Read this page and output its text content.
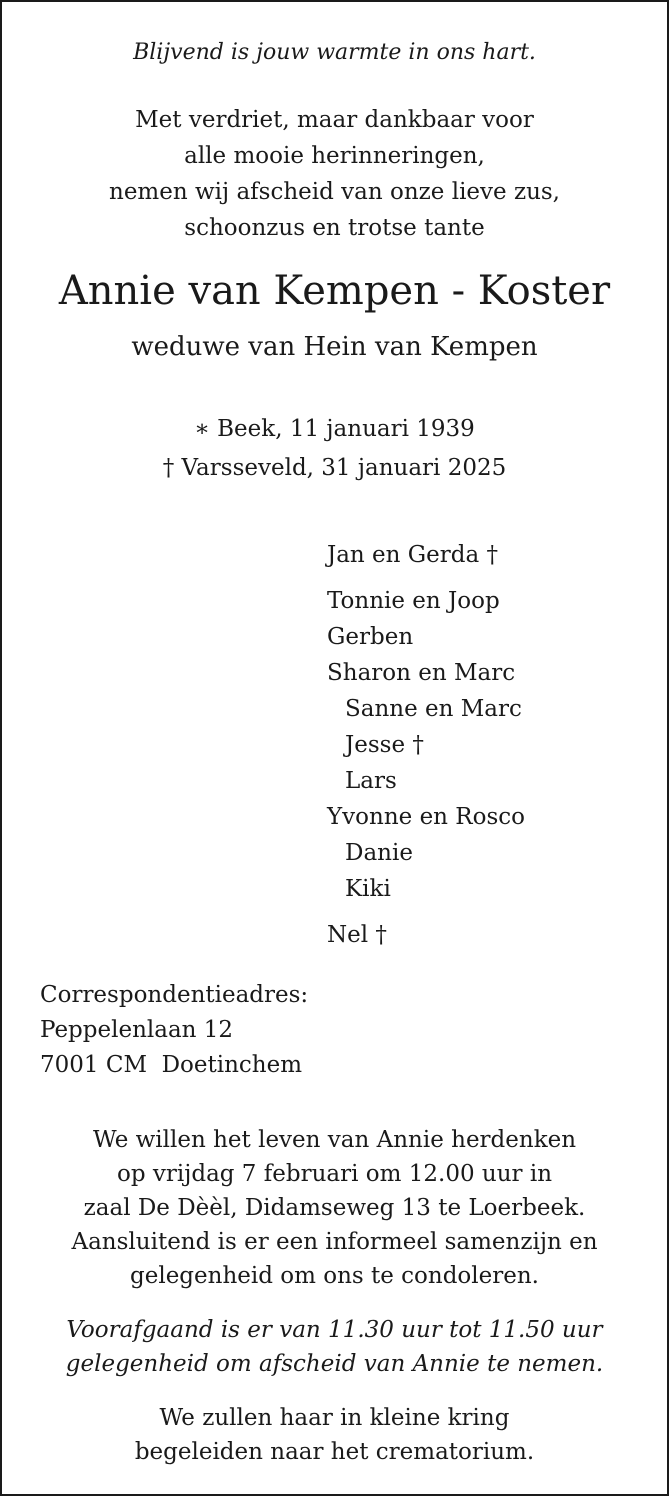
Blijvend is jouw warmte in ons hart.

Met verdriet, maar dankbaar voor
alle mooie herinneringen,
nemen wij afscheid van onze lieve zus,
schoonzus en trotse tante
Annie van Kempen - Koster

weduwe van Hein van Kempen

∗ Beek, 11 januari 1939

† Varsseveld, 31 januari 2025

Jan en Gerda †
Tonnie en Joop
Gerben
Sharon en Marc
Sanne en Marc
Jesse †
Lars
Yvonne en Rosco
Danie
Kiki
Nel †
Correspondentieadres:
Peppelenlaan 12
7001 CM  Doetinchem
We willen het leven van Annie herdenken
op vrijdag 7 februari om 12.00 uur in
zaal De Dèèl, Didamseweg 13 te Loerbeek.
Aansluitend is er een informeel samenzijn en
gelegenheid om ons te condoleren.
Voorafgaand is er van 11.30 uur tot 11.50 uur
gelegenheid om afscheid van Annie te nemen.
We zullen haar in kleine kring
begeleiden naar het crematorium.
